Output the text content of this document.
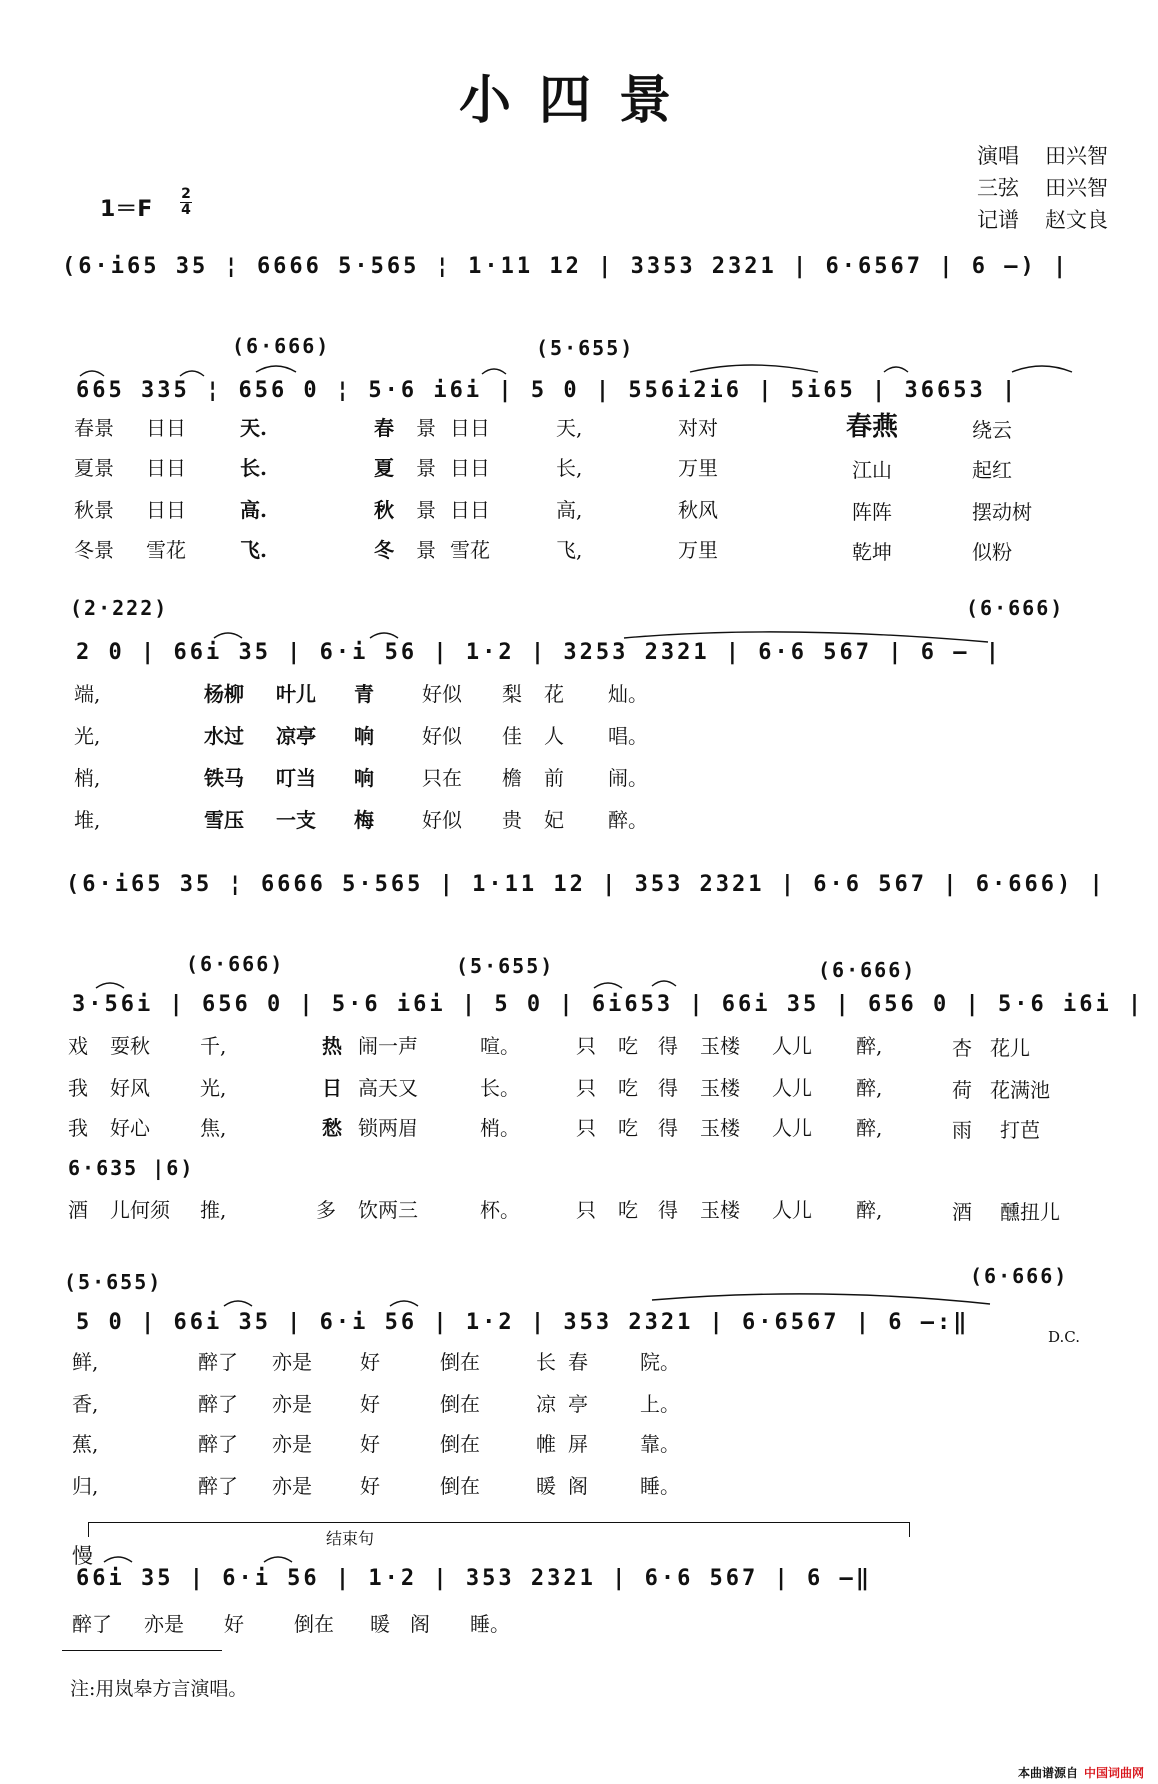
小四景
演唱 田兴智
三弦 田兴智
记谱 赵文良
1＝F
2
4
(6·i65 35 ¦ 6666 5·565 ¦ 1·11 12 | 3353 2321 | 6·6567 | 6 —) |
(6·666)	(5·655)
665 335 ¦ 656 0 ¦ 5·6 i6i | 5 0 | 556i2i6 | 5i65 | 36653 |
春景 日日	天.	春 景 日日	天,	对对	春燕	绕云
夏景 日日	长.	夏 景 日日	长,	万里	江山	起红
秋景 日日	高.	秋 景 日日	高,	秋风	阵阵	摆动树
冬景 雪花	飞.	冬 景 雪花	飞,	万里	乾坤	似粉
(2·222)	(6·666)
2 0 | 66i 35 | 6·i 56 | 1·2 | 3253 2321 | 6·6 567 | 6 — |
端,	杨柳 叶儿 青 好似 梨 花 灿。
光,	水过 凉亭 响 好似 佳 人 唱。
梢,	铁马 叮当 响 只在 檐 前 闹。
堆,	雪压 一支 梅 好似 贵 妃 醉。
(6·i65 35 ¦ 6666 5·565 | 1·11 12 | 353 2321 | 6·6 567 | 6·666) |
(6·666)	(5·655)	(6·666)
3·56i | 656 0 | 5·6 i6i | 5 0 | 6i653 | 66i 35 | 656 0 | 5·6 i6i |
戏 耍秋	千,	热 闹一声	喧。	只 吃 得 玉楼 人儿 醉,	杏 花儿
我 好风	光,	日 高天又	长。	只 吃 得 玉楼 人儿 醉,	荷 花满池
我 好心	焦,	愁 锁两眉	梢。	只 吃 得 玉楼 人儿 醉,	雨 打芭
6·635 |6)
酒 儿何须 推,	多 饮两三	杯。	只 吃 得 玉楼 人儿 醉,	酒 醺扭儿
(5·655)	(6·666)
5 0 | 66i 35 | 6·i 56 | 1·2 | 353 2321 | 6·6567 | 6 —:‖
D.C.
鲜,	醉了 亦是 好	倒在	长 春	院。
香,	醉了 亦是 好	倒在	凉 亭	上。
蕉,	醉了 亦是 好	倒在	帷 屏	靠。
归,	醉了 亦是 好	倒在	暖 阁	睡。
结束句
慢
66i 35 | 6·i 56 | 1·2 | 353 2321 | 6·6 567 | 6 —‖
醉了 亦是 好	倒在 暖 阁 睡。
注:用岚皋方言演唱。
本曲谱源自 中国词曲网
